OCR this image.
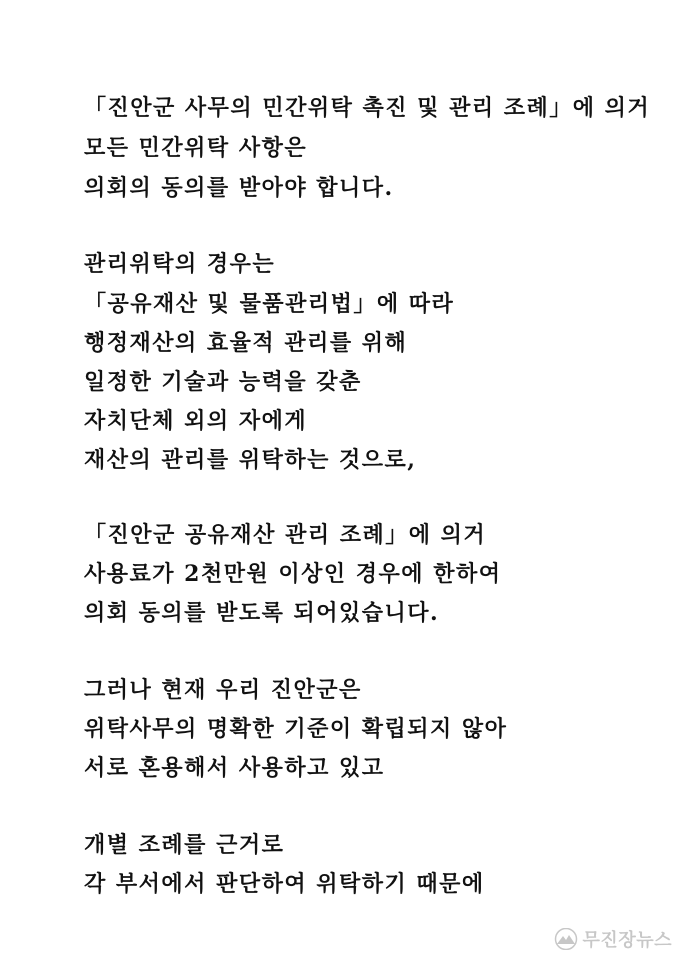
「진안군 사무의 민간위탁 촉진 및 관리 조례」에 의거
모든 민간위탁 사항은
의회의 동의를 받아야 합니다.
관리위탁의 경우는
「공유재산 및 물품관리법」에 따라
행정재산의 효율적 관리를 위해
일정한 기술과 능력을 갖춘
자치단체 외의 자에게
재산의 관리를 위탁하는 것으로,
「진안군 공유재산 관리 조례」에 의거
사용료가 2천만원 이상인 경우에 한하여
의회 동의를 받도록 되어있습니다.
그러나 현재 우리 진안군은
위탁사무의 명확한 기준이 확립되지 않아
서로 혼용해서 사용하고 있고
개별 조례를 근거로
각 부서에서 판단하여 위탁하기 때문에
무진장뉴스
